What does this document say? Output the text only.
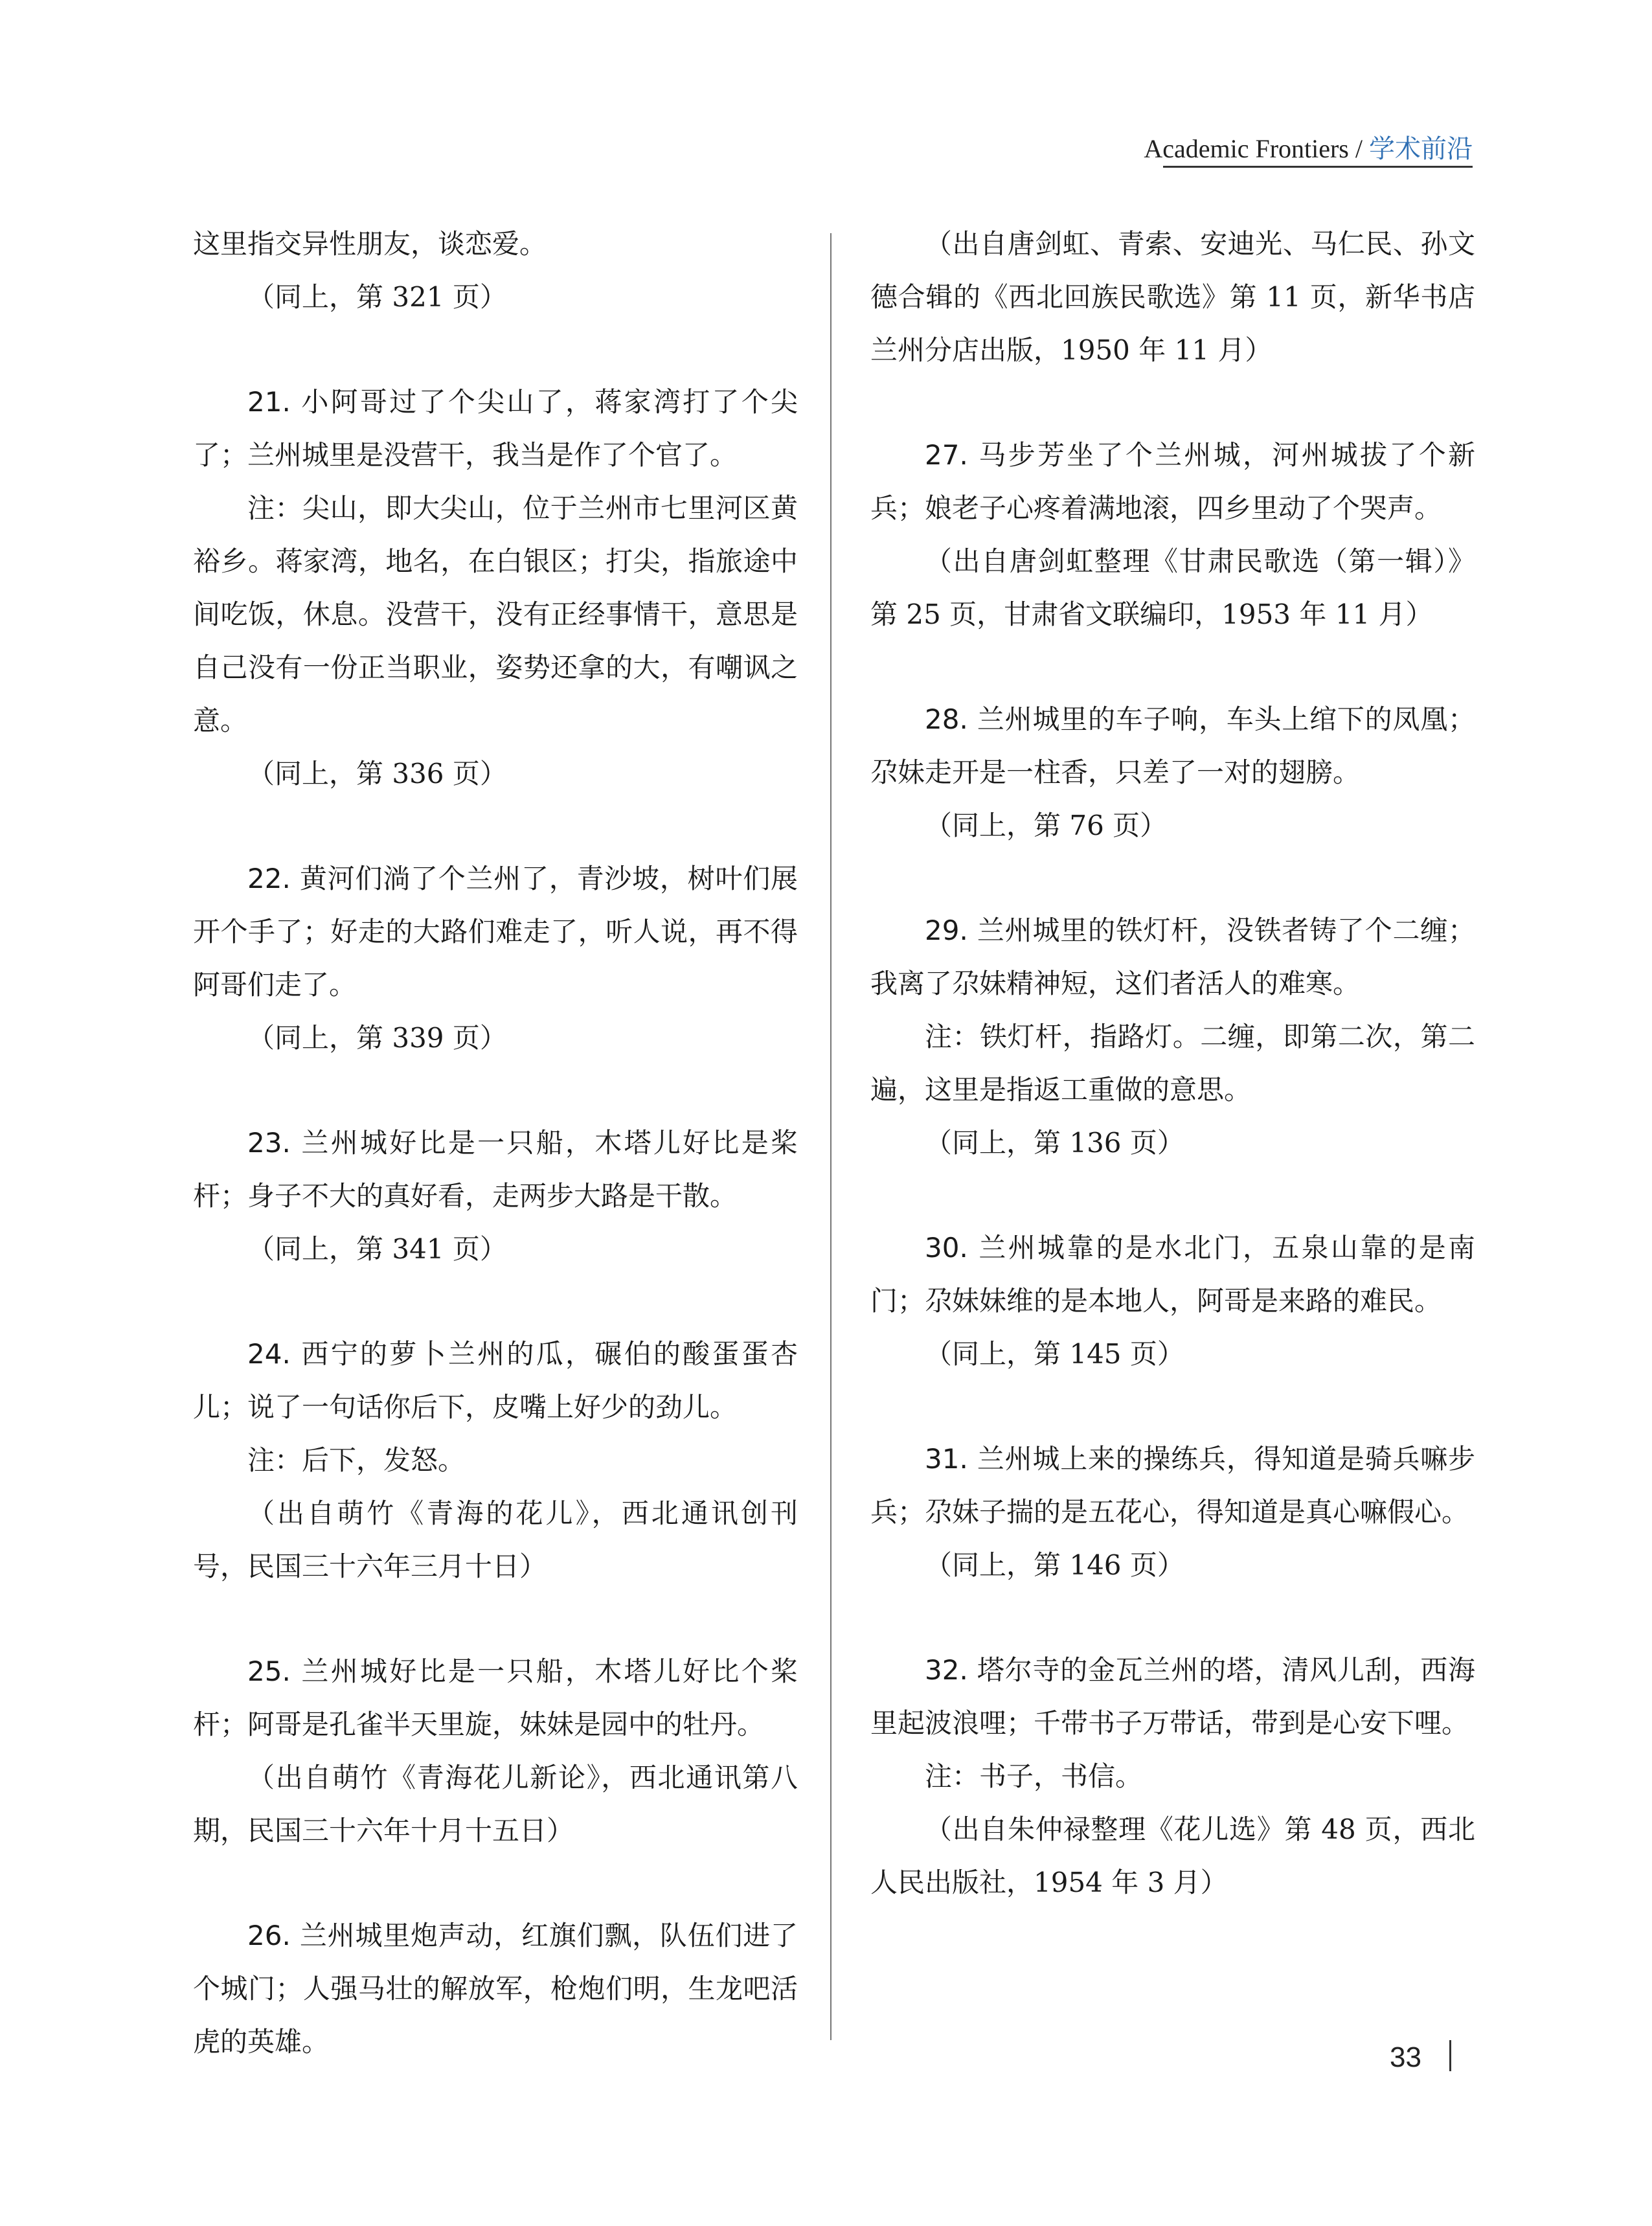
Academic Frontiers / 学术前沿

这里指交异性朋友，谈恋爱。

（同上，第 321 页）

21. 小阿哥过了个尖山了，蒋家湾打了个尖了；兰州城里是没营干，我当是作了个官了。

注：尖山，即大尖山，位于兰州市七里河区黄裕乡。蒋家湾，地名，在白银区；打尖，指旅途中间吃饭，休息。没营干，没有正经事情干，意思是自己没有一份正当职业，姿势还拿的大，有嘲讽之意。

（同上，第 336 页）

22. 黄河们淌了个兰州了，青沙坡，树叶们展开个手了；好走的大路们难走了，听人说，再不得阿哥们走了。

（同上，第 339 页）

23. 兰州城好比是一只船，木塔儿好比是桨杆；身子不大的真好看，走两步大路是干散。

（同上，第 341 页）

24. 西宁的萝卜兰州的瓜，碾伯的酸蛋蛋杏儿；说了一句话你后下，皮嘴上好少的劲儿。

注：后下，发怒。

（出自萌竹《青海的花儿》，西北通讯创刊号，民国三十六年三月十日）

25. 兰州城好比是一只船，木塔儿好比个桨杆；阿哥是孔雀半天里旋，妹妹是园中的牡丹。

（出自萌竹《青海花儿新论》，西北通讯第八期，民国三十六年十月十五日）

26. 兰州城里炮声动，红旗们飘，队伍们进了个城门；人强马壮的解放军，枪炮们明，生龙吧活虎的英雄。

（出自唐剑虹、青索、安迪光、马仁民、孙文德合辑的《西北回族民歌选》第 11 页，新华书店兰州分店出版，1950 年 11 月）

27. 马步芳坐了个兰州城，河州城拔了个新兵；娘老子心疼着满地滚，四乡里动了个哭声。

（出自唐剑虹整理《甘肃民歌选（第一辑）》第 25 页，甘肃省文联编印，1953 年 11 月）

28. 兰州城里的车子响，车头上绾下的凤凰；尕妹走开是一柱香，只差了一对的翅膀。

（同上，第 76 页）

29. 兰州城里的铁灯杆，没铁者铸了个二缠；我离了尕妹精神短，这们者活人的难寒。

注：铁灯杆，指路灯。二缠，即第二次，第二遍，这里是指返工重做的意思。

（同上，第 136 页）

30. 兰州城靠的是水北门，五泉山靠的是南门；尕妹妹维的是本地人，阿哥是来路的难民。

（同上，第 145 页）

31. 兰州城上来的操练兵，得知道是骑兵嘛步兵；尕妹子揣的是五花心，得知道是真心嘛假心。

（同上，第 146 页）

32. 塔尔寺的金瓦兰州的塔，清风儿刮，西海里起波浪哩；千带书子万带话，带到是心安下哩。

注：书子，书信。

（出自朱仲禄整理《花儿选》第 48 页，西北人民出版社，1954 年 3 月）

33
